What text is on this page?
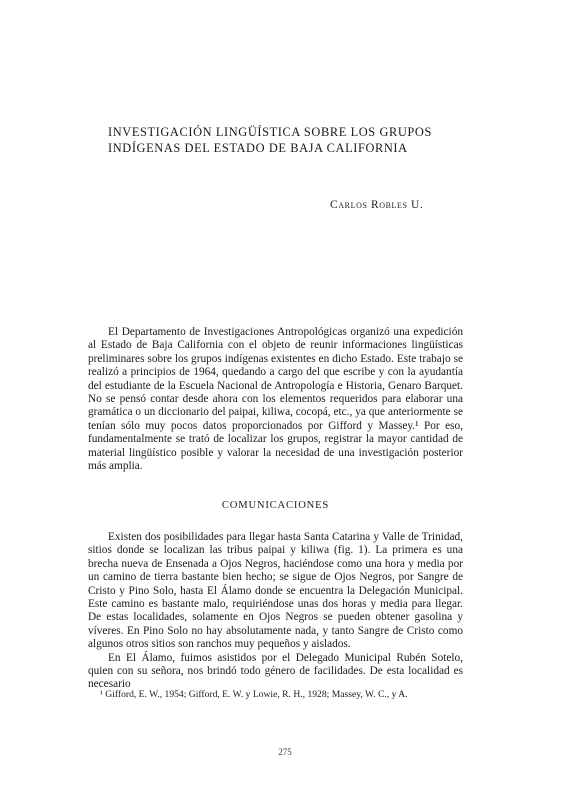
INVESTIGACIÓN LINGÜÍSTICA SOBRE LOS GRUPOS
INDÍGENAS DEL ESTADO DE BAJA CALIFORNIA
Carlos Robles U.

El Departamento de Investigaciones Antropológicas organizó una expedición al Estado de Baja California con el objeto de reunir informaciones lingüísticas preliminares sobre los grupos indígenas existentes en dicho Estado. Este trabajo se realizó a principios de 1964, quedando a cargo del que escribe y con la ayudantía del estudiante de la Escuela Nacional de Antropología e Historia, Genaro Barquet. No se pensó contar desde ahora con los elementos requeridos para elaborar una gramática o un diccionario del paipai, kiliwa, cocopá, etc., ya que anteriormente se tenían sólo muy pocos datos proporcionados por Gifford y Massey.¹ Por eso, fundamentalmente se trató de localizar los grupos, registrar la mayor cantidad de material lingüístico posible y valorar la necesidad de una investigación posterior más amplia.

COMUNICACIONES

Existen dos posibilidades para llegar hasta Santa Catarina y Valle de Trinidad, sitios donde se localizan las tribus paipai y kiliwa (fig. 1). La primera es una brecha nueva de Ensenada a Ojos Negros, haciéndose como una hora y media por un camino de tierra bastante bien hecho; se sigue de Ojos Negros, por Sangre de Cristo y Pino Solo, hasta El Álamo donde se encuentra la Delegación Municipal. Este camino es bastante malo, requiriéndose unas dos horas y media para llegar. De estas localidades, solamente en Ojos Negros se pueden obtener gasolina y víveres. En Pino Solo no hay absolutamente nada, y tanto Sangre de Cristo como algunos otros sitios son ranchos muy pequeños y aislados.

En El Álamo, fuimos asistidos por el Delegado Municipal Rubén Sotelo, quien con su señora, nos brindó todo género de facilidades. De esta localidad es necesario

¹ Gifford, E. W., 1954; Gifford, E. W. y Lowie, R. H., 1928; Massey, W. C., y A.
275
